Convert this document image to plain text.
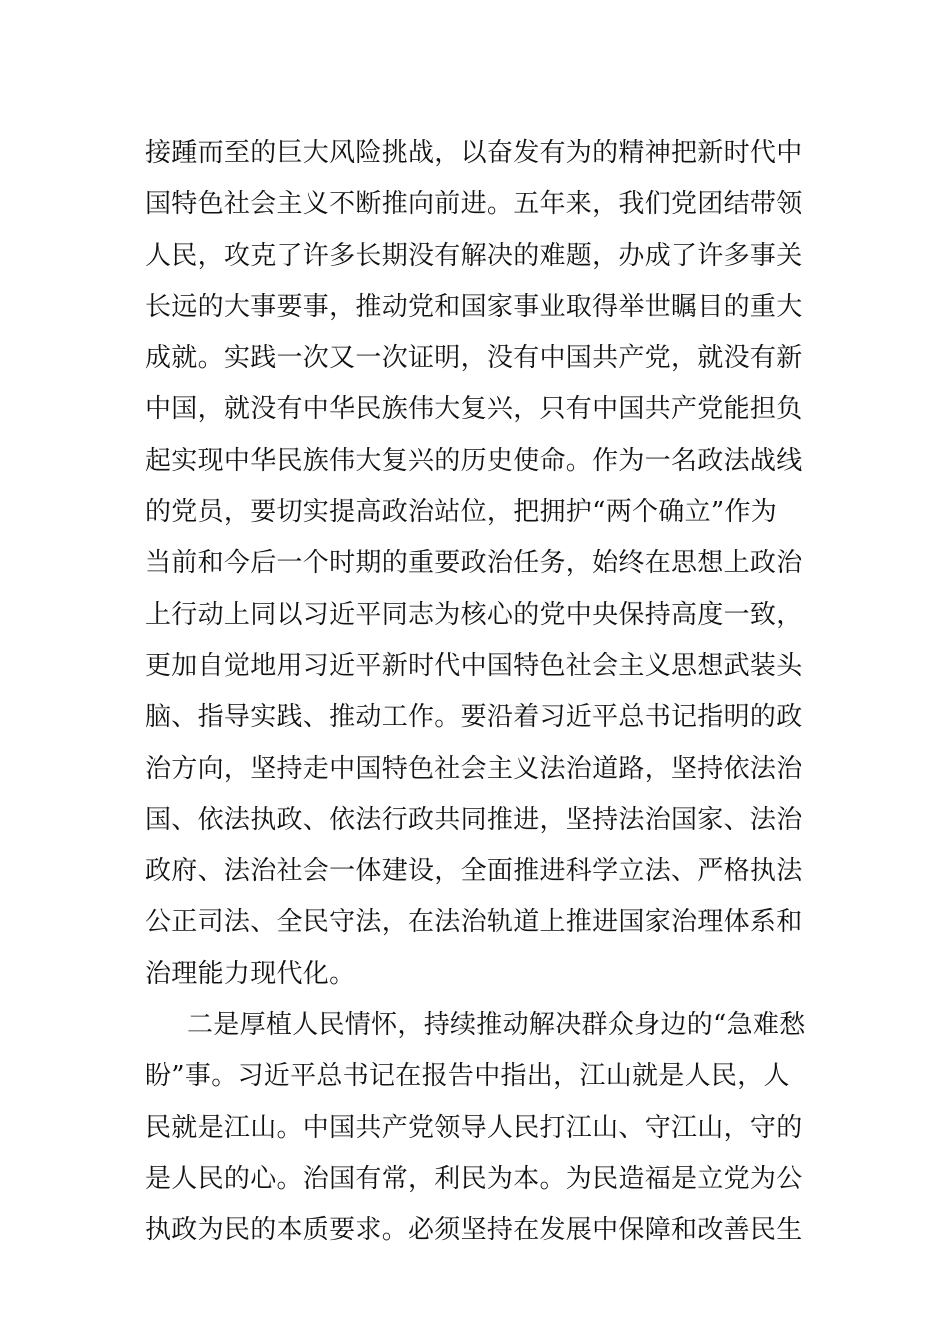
接踵而至的巨大风险挑战，以奋发有为的精神把新时代中
国特色社会主义不断推向前进。五年来，我们党团结带领
人民，攻克了许多长期没有解决的难题，办成了许多事关
长远的大事要事，推动党和国家事业取得举世瞩目的重大
成就。实践一次又一次证明，没有中国共产党，就没有新
中国，就没有中华民族伟大复兴，只有中国共产党能担负
起实现中华民族伟大复兴的历史使命。作为一名政法战线
的党员，要切实提高政治站位，把拥护“两个确立”作为
当前和今后一个时期的重要政治任务，始终在思想上政治
上行动上同以习近平同志为核心的党中央保持高度一致，
更加自觉地用习近平新时代中国特色社会主义思想武装头
脑、指导实践、推动工作。要沿着习近平总书记指明的政
治方向，坚持走中国特色社会主义法治道路，坚持依法治
国、依法执政、依法行政共同推进，坚持法治国家、法治
政府、法治社会一体建设，全面推进科学立法、严格执法
公正司法、全民守法，在法治轨道上推进国家治理体系和
治理能力现代化。
二是厚植人民情怀，持续推动解决群众身边的“急难愁
盼”事。习近平总书记在报告中指出，江山就是人民，人
民就是江山。中国共产党领导人民打江山、守江山，守的
是人民的心。治国有常，利民为本。为民造福是立党为公
执政为民的本质要求。必须坚持在发展中保障和改善民生
